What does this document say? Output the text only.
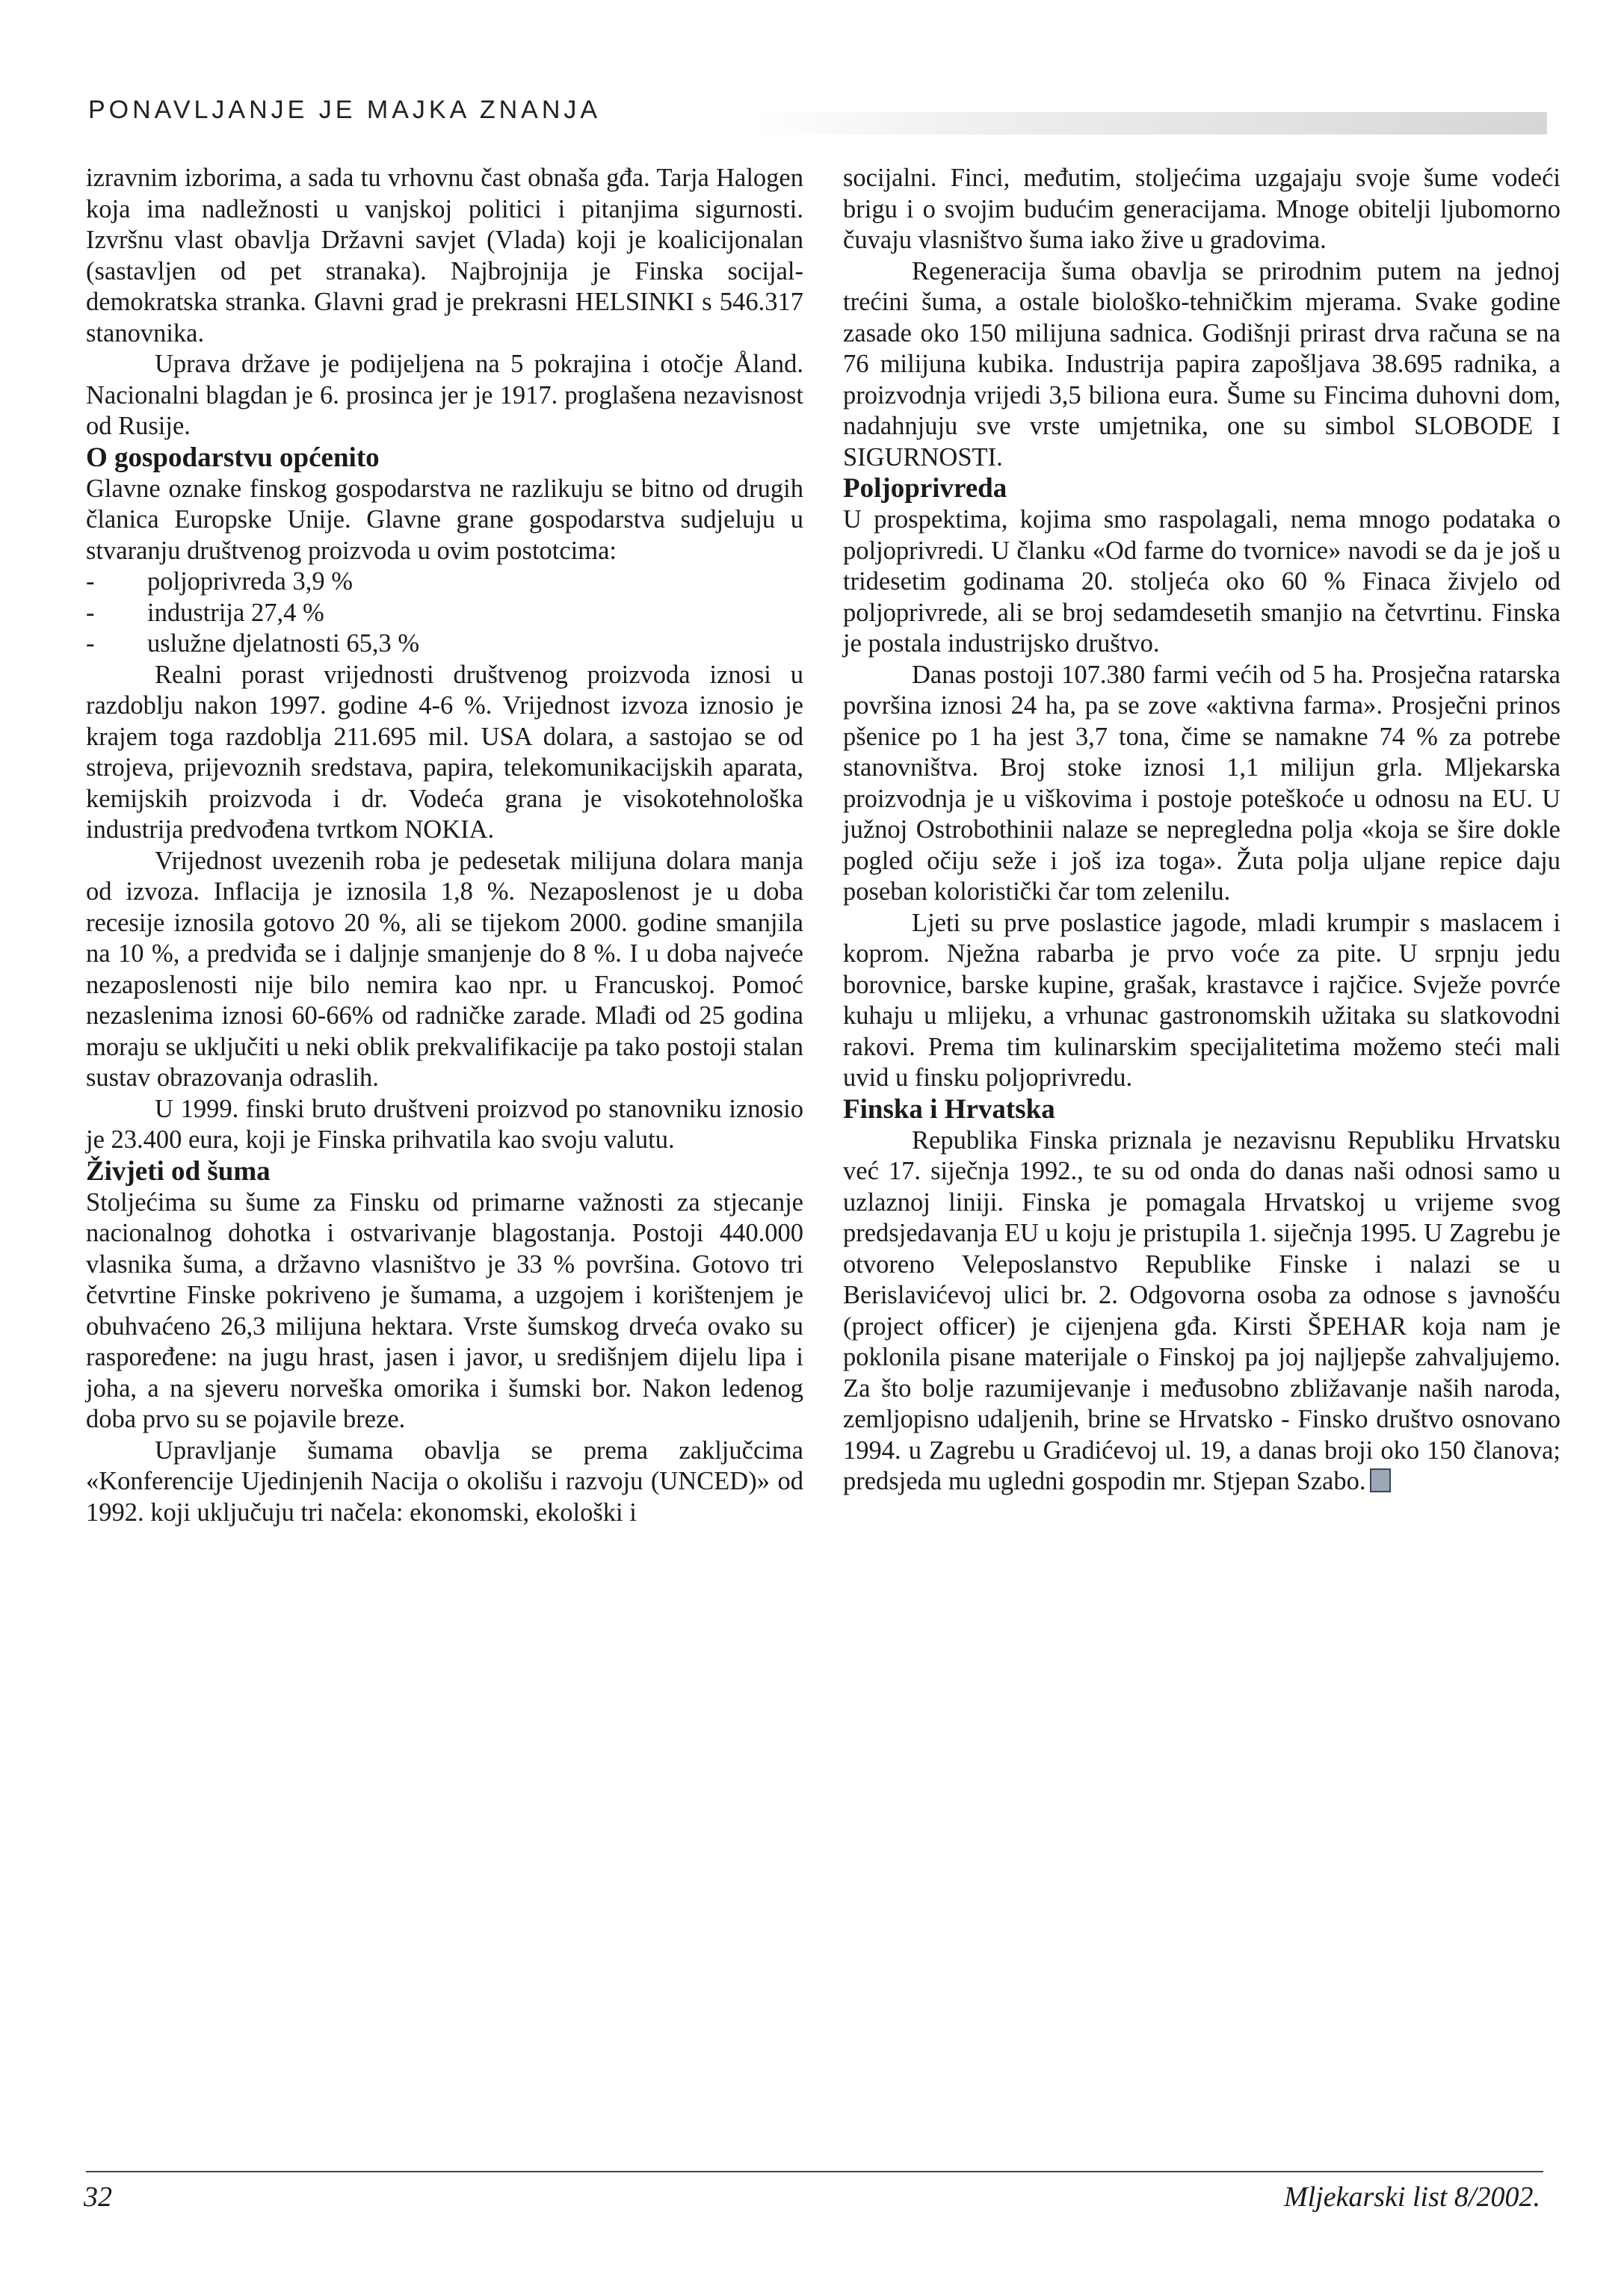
PONAVLJANJE JE MAJKA ZNANJA

izravnim izborima, a sada tu vrhovnu čast obnaša gđa. Tarja Halogen koja ima nadležnosti u vanjskoj politici i pitanjima sigurnosti. Izvršnu vlast obavlja Državni savjet (Vlada) koji je koalicijonalan (sastavljen od pet stranaka). Najbrojnija je Finska socijal-demokratska stranka. Glavni grad je prekrasni HELSINKI s 546.317 stanovnika.

Uprava države je podijeljena na 5 pokrajina i otočje Åland. Nacionalni blagdan je 6. prosinca jer je 1917. proglašena nezavisnost od Rusije.

O gospodarstvu općenito

Glavne oznake finskog gospodarstva ne razlikuju se bitno od drugih članica Europske Unije. Glavne grane gospodarstva sudjeluju u stvaranju društvenog proizvoda u ovim postotcima:

- poljoprivreda 3,9 %
- industrija 27,4 %
- uslužne djelatnosti 65,3 %

Realni porast vrijednosti društvenog proizvoda iznosi u razdoblju nakon 1997. godine 4-6 %. Vrijednost izvoza iznosio je krajem toga razdoblja 211.695 mil. USA dolara, a sastojao se od strojeva, prijevoznih sredstava, papira, telekomunikacijskih aparata, kemijskih proizvoda i dr. Vodeća grana je visokotehnološka industrija predvođena tvrtkom NOKIA.

Vrijednost uvezenih roba je pedesetak milijuna dolara manja od izvoza. Inflacija je iznosila 1,8 %. Nezaposlenost je u doba recesije iznosila gotovo 20 %, ali se tijekom 2000. godine smanjila na 10 %, a predviđa se i daljnje smanjenje do 8 %. I u doba najveće nezaposlenosti nije bilo nemira kao npr. u Francuskoj. Pomoć nezaslenima iznosi 60-66% od radničke zarade. Mlađi od 25 godina moraju se uključiti u neki oblik prekvalifikacije pa tako postoji stalan sustav obrazovanja odraslih.

U 1999. finski bruto društveni proizvod po stanovniku iznosio je 23.400 eura, koji je Finska prihvatila kao svoju valutu.

Živjeti od šuma

Stoljećima su šume za Finsku od primarne važnosti za stjecanje nacionalnog dohotka i ostvarivanje blagostanja. Postoji 440.000 vlasnika šuma, a državno vlasništvo je 33 % površina. Gotovo tri četvrtine Finske pokriveno je šumama, a uzgojem i korištenjem je obuhvaćeno 26,3 milijuna hektara. Vrste šumskog drveća ovako su raspoređene: na jugu hrast, jasen i javor, u središnjem dijelu lipa i joha, a na sjeveru norveška omorika i šumski bor. Nakon ledenog doba prvo su se pojavile breze.

Upravljanje šumama obavlja se prema zaključcima «Konferencije Ujedinjenih Nacija o okolišu i razvoju (UNCED)» od 1992. koji uključuju tri načela: ekonomski, ekološki i

socijalni. Finci, međutim, stoljećima uzgajaju svoje šume vodeći brigu i o svojim budućim generacijama. Mnoge obitelji ljubomorno čuvaju vlasništvo šuma iako žive u gradovima.

Regeneracija šuma obavlja se prirodnim putem na jednoj trećini šuma, a ostale biološko-tehničkim mjerama. Svake godine zasade oko 150 milijuna sadnica. Godišnji prirast drva računa se na 76 milijuna kubika. Industrija papira zapošljava 38.695 radnika, a proizvodnja vrijedi 3,5 biliona eura. Šume su Fincima duhovni dom, nadahnjuju sve vrste umjetnika, one su simbol SLOBODE I SIGURNOSTI.

Poljoprivreda

U prospektima, kojima smo raspolagali, nema mnogo podataka o poljoprivredi. U članku «Od farme do tvornice» navodi se da je još u tridesetim godinama 20. stoljeća oko 60 % Finaca živjelo od poljoprivrede, ali se broj sedamdesetih smanjio na četvrtinu. Finska je postala industrijsko društvo.

Danas postoji 107.380 farmi većih od 5 ha. Prosječna ratarska površina iznosi 24 ha, pa se zove «aktivna farma». Prosječni prinos pšenice po 1 ha jest 3,7 tona, čime se namakne 74 % za potrebe stanovništva. Broj stoke iznosi 1,1 milijun grla. Mljekarska proizvodnja je u viškovima i postoje poteškoće u odnosu na EU. U južnoj Ostrobothinii nalaze se nepregledna polja «koja se šire dokle pogled očiju seže i još iza toga». Žuta polja uljane repice daju poseban koloristički čar tom zelenilu.

Ljeti su prve poslastice jagode, mladi krumpir s maslacem i koprom. Nježna rabarba je prvo voće za pite. U srpnju jedu borovnice, barske kupine, grašak, krastavce i rajčice. Svježe povrće kuhaju u mlijeku, a vrhunac gastronomskih užitaka su slatkovodni rakovi. Prema tim kulinarskim specijalitetima možemo steći mali uvid u finsku poljoprivredu.

Finska i Hrvatska

Republika Finska priznala je nezavisnu Republiku Hrvatsku već 17. siječnja 1992., te su od onda do danas naši odnosi samo u uzlaznoj liniji. Finska je pomagala Hrvatskoj u vrijeme svog predsjedavanja EU u koju je pristupila 1. siječnja 1995. U Zagrebu je otvoreno Veleposlanstvo Republike Finske i nalazi se u Berislavićevoj ulici br. 2. Odgovorna osoba za odnose s javnošću (project officer) je cijenjena gđa. Kirsti ŠPEHAR koja nam je poklonila pisane materijale o Finskoj pa joj najljepše zahvaljujemo. Za što bolje razumijevanje i međusobno zbližavanje naših naroda, zemljopisno udaljenih, brine se Hrvatsko - Finsko društvo osnovano 1994. u Zagrebu u Gradićevoj ul. 19, a danas broji oko 150 članova; predsjeda mu ugledni gospodin mr. Stjepan Szabo.

32	Mljekarski list 8/2002.
